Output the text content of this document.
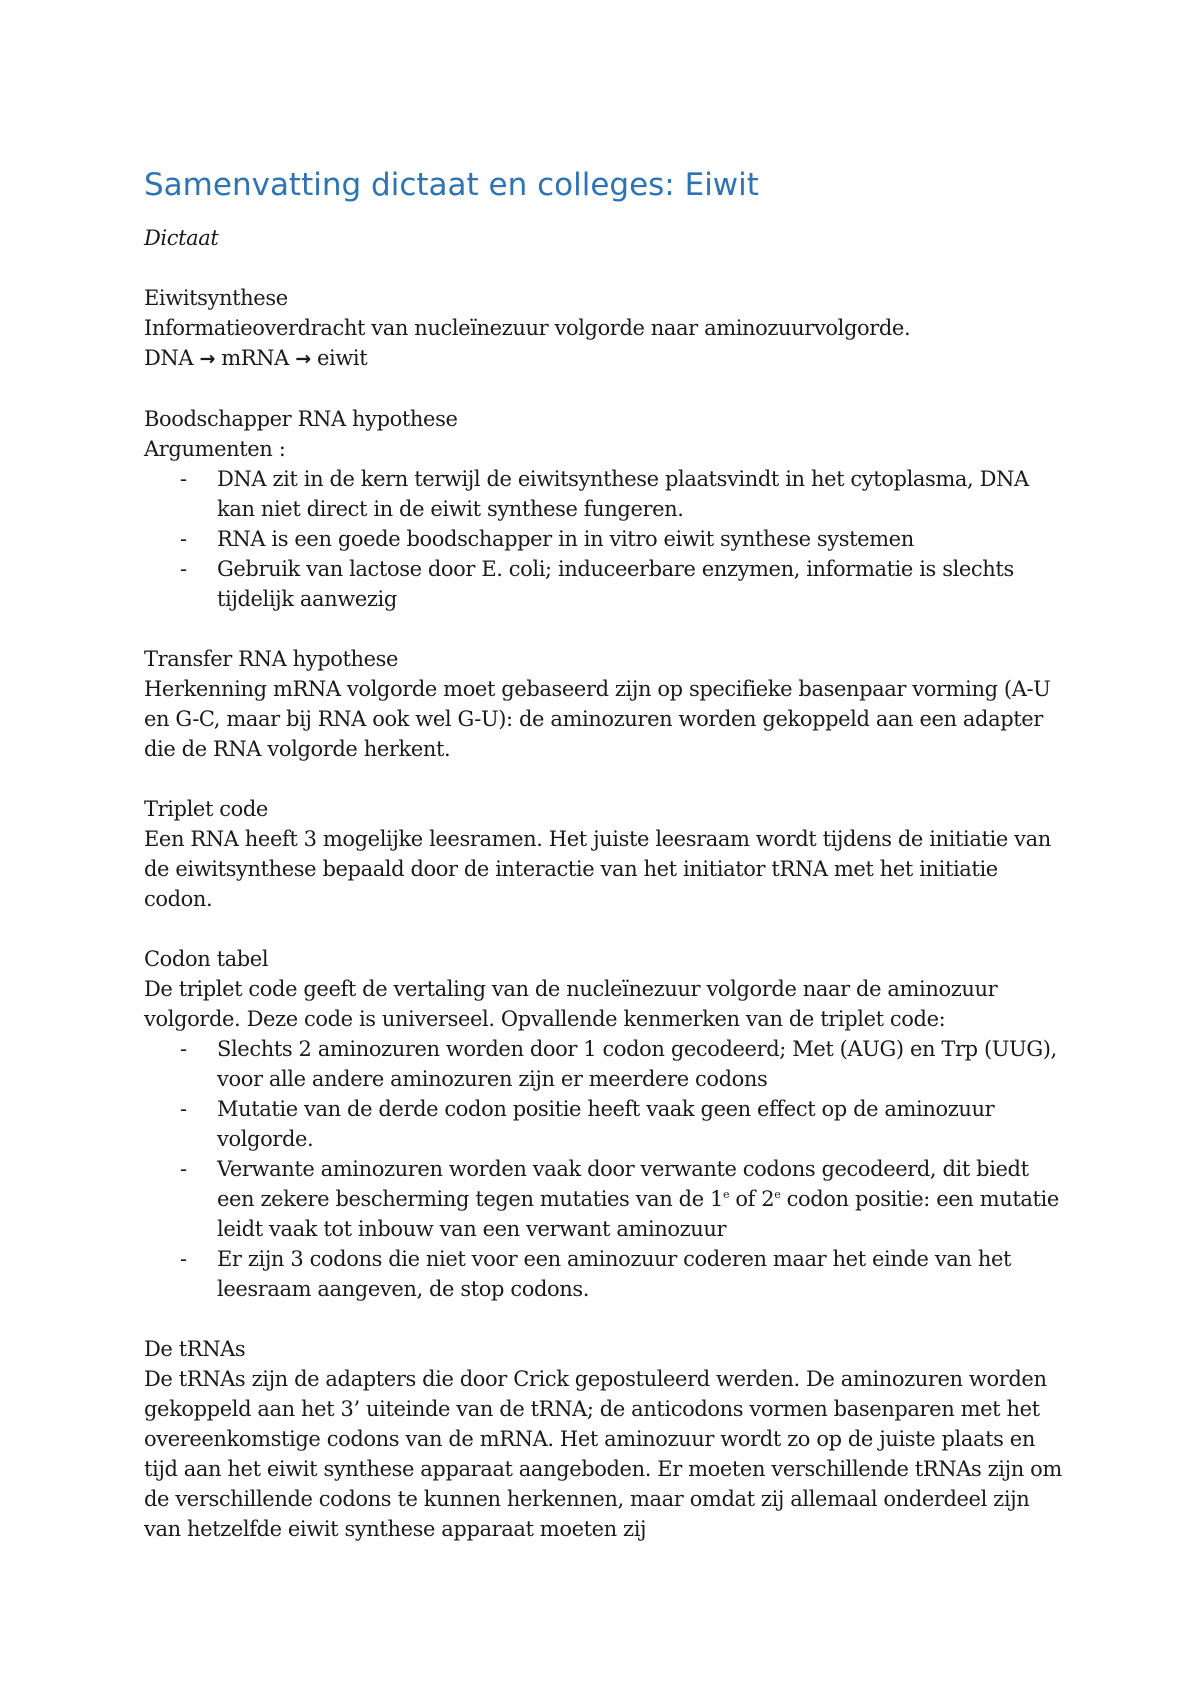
Samenvatting dictaat en colleges: Eiwit

Dictaat

Eiwitsynthese

Informatieoverdracht van nucleïnezuur volgorde naar aminozuurvolgorde.

DNA → mRNA → eiwit

Boodschapper RNA hypothese

Argumenten :

- DNA zit in de kern terwijl de eiwitsynthese plaatsvindt in het cytoplasma, DNA kan niet direct in de eiwit synthese fungeren.
- RNA is een goede boodschapper in in vitro eiwit synthese systemen
- Gebruik van lactose door E. coli; induceerbare enzymen, informatie is slechts tijdelijk aanwezig

Transfer RNA hypothese

Herkenning mRNA volgorde moet gebaseerd zijn op specifieke basenpaar vorming (A-U en G-C, maar bij RNA ook wel G-U): de aminozuren worden gekoppeld aan een adapter die de RNA volgorde herkent.

Triplet code

Een RNA heeft 3 mogelijke leesramen. Het juiste leesraam wordt tijdens de initiatie van de eiwitsynthese bepaald door de interactie van het initiator tRNA met het initiatie codon.

Codon tabel

De triplet code geeft de vertaling van de nucleïnezuur volgorde naar de aminozuur volgorde. Deze code is universeel. Opvallende kenmerken van de triplet code:

- Slechts 2 aminozuren worden door 1 codon gecodeerd; Met (AUG) en Trp (UUG), voor alle andere aminozuren zijn er meerdere codons
- Mutatie van de derde codon positie heeft vaak geen effect op de aminozuur volgorde.
- Verwante aminozuren worden vaak door verwante codons gecodeerd, dit biedt een zekere bescherming tegen mutaties van de 1e of 2e codon positie: een mutatie leidt vaak tot inbouw van een verwant aminozuur
- Er zijn 3 codons die niet voor een aminozuur coderen maar het einde van het leesraam aangeven, de stop codons.

De tRNAs

De tRNAs zijn de adapters die door Crick gepostuleerd werden. De aminozuren worden gekoppeld aan het 3’ uiteinde van de tRNA; de anticodons vormen basenparen met het overeenkomstige codons van de mRNA. Het aminozuur wordt zo op de juiste plaats en tijd aan het eiwit synthese apparaat aangeboden. Er moeten verschillende tRNAs zijn om de verschillende codons te kunnen herkennen, maar omdat zij allemaal onderdeel zijn van hetzelfde eiwit synthese apparaat moeten zij
